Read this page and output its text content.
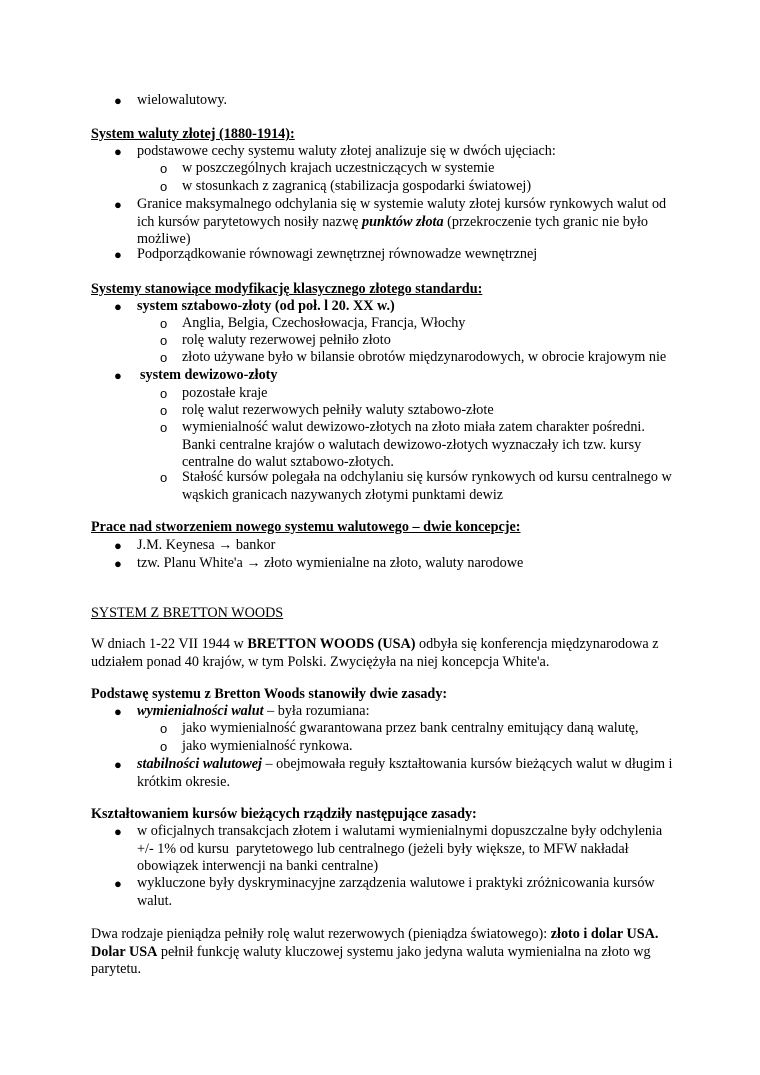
● wielowalutowy.
System waluty złotej (1880-1914):
● podstawowe cechy systemu waluty złotej analizuje się w dwóch ujęciach:
o	w poszczególnych krajach uczestniczących w systemie
o	w stosunkach z zagranicą (stabilizacja gospodarki światowej)
● Granice maksymalnego odchylania się w systemie waluty złotej kursów rynkowych walut od
ich kursów parytetowych nosiły nazwę punktów złota (przekroczenie tych granic nie było
możliwe)
● Podporządkowanie równowagi zewnętrznej równowadze wewnętrznej
Systemy stanowiące modyfikację klasycznego złotego standardu:
● system sztabowo-złoty (od poł. l 20. XX w.)
o	Anglia, Belgia, Czechosłowacja, Francja, Włochy
o	rolę waluty rezerwowej pełniło złoto
o	złoto używane było w bilansie obrotów międzynarodowych, w obrocie krajowym nie
● system dewizowo-złoty
o	pozostałe kraje
o	rolę walut rezerwowych pełniły waluty sztabowo-złote
o	wymienialność walut dewizowo-złotych na złoto miała zatem charakter pośredni.
Banki centralne krajów o walutach dewizowo-złotych wyznaczały ich tzw. kursy
centralne do walut sztabowo-złotych.
o	Stałość kursów polegała na odchylaniu się kursów rynkowych od kursu centralnego w
wąskich granicach nazywanych złotymi punktami dewiz
Prace nad stworzeniem nowego systemu walutowego – dwie koncepcje:
● J.M. Keynesa → bankor
● tzw. Planu White'a → złoto wymienialne na złoto, waluty narodowe
SYSTEM Z BRETTON WOODS
W dniach 1-22 VII 1944 w BRETTON WOODS (USA) odbyła się konferencja międzynarodowa z
udziałem ponad 40 krajów, w tym Polski. Zwyciężyła na niej koncepcja White'a.
Podstawę systemu z Bretton Woods stanowiły dwie zasady:
● wymienialności walut – była rozumiana:
o	jako wymienialność gwarantowana przez bank centralny emitujący daną walutę,
o	jako wymienialność rynkowa.
● stabilności walutowej – obejmowała reguły kształtowania kursów bieżących walut w długim i
krótkim okresie.
Kształtowaniem kursów bieżących rządziły następujące zasady:
● w oficjalnych transakcjach złotem i walutami wymienialnymi dopuszczalne były odchylenia
+/- 1% od kursu  parytetowego lub centralnego (jeżeli były większe, to MFW nakładał
obowiązek interwencji na banki centralne)
● wykluczone były dyskryminacyjne zarządzenia walutowe i praktyki zróżnicowania kursów
walut.
Dwa rodzaje pieniądza pełniły rolę walut rezerwowych (pieniądza światowego): złoto i dolar USA.
Dolar USA pełnił funkcję waluty kluczowej systemu jako jedyna waluta wymienialna na złoto wg
parytetu.
